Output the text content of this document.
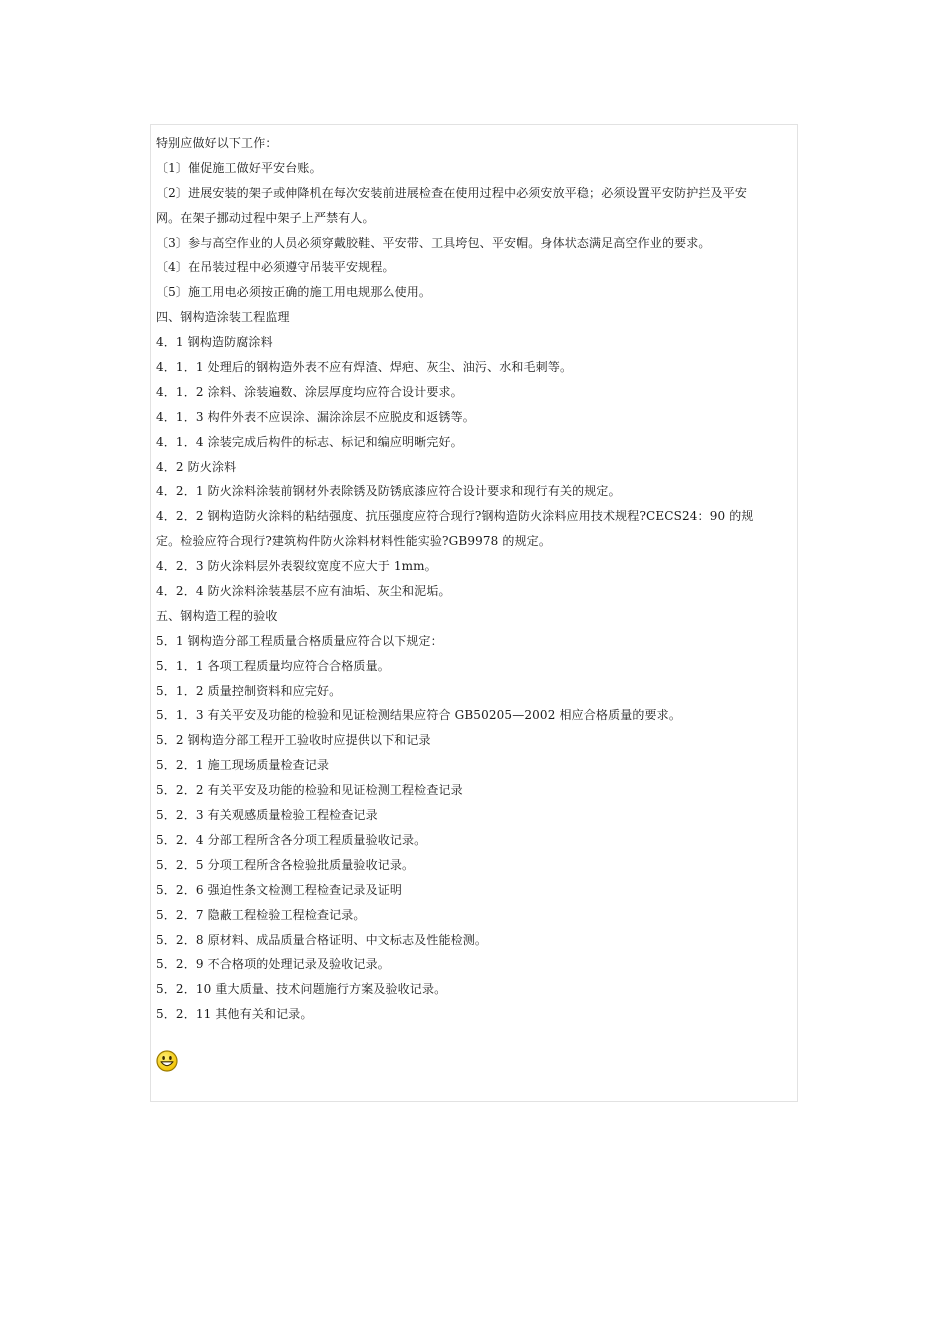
特别应做好以下工作：
〔1〕催促施工做好平安台账。
〔2〕进展安装的架子或伸降机在每次安装前进展检查在使用过程中必须安放平稳；必须设置平安防护拦及平安
网。在架子挪动过程中架子上严禁有人。
〔3〕参与高空作业的人员必须穿戴胶鞋、平安带、工具垮包、平安帽。身体状态满足高空作业的要求。
〔4〕在吊装过程中必须遵守吊装平安规程。
〔5〕施工用电必须按正确的施工用电规那么使用。
四、钢构造涂装工程监理
4．1 钢构造防腐涂料
4．1．1 处理后的钢构造外表不应有焊渣、焊疤、灰尘、油污、水和毛刺等。
4．1．2 涂料、涂装遍数、涂层厚度均应符合设计要求。
4．1．3 构件外表不应误涂、漏涂涂层不应脱皮和返锈等。
4．1．4 涂装完成后构件的标志、标记和编应明晰完好。
4．2 防火涂料
4．2．1 防火涂料涂装前钢材外表除锈及防锈底漆应符合设计要求和现行有关的规定。
4．2．2 钢构造防火涂料的粘结强度、抗压强度应符合现行?钢构造防火涂料应用技术规程?CECS24：90 的规
定。检验应符合现行?建筑构件防火涂料材料性能实验?GB9978 的规定。
4．2．3 防火涂料层外表裂纹宽度不应大于 1mm。
4．2．4 防火涂料涂装基层不应有油垢、灰尘和泥垢。
五、钢构造工程的验收
5．1 钢构造分部工程质量合格质量应符合以下规定：
5．1．1 各项工程质量均应符合合格质量。
5．1．2 质量控制资料和应完好。
5．1．3 有关平安及功能的检验和见证检测结果应符合 GB50205—2002 相应合格质量的要求。
5．2 钢构造分部工程开工验收时应提供以下和记录
5．2．1 施工现场质量检查记录
5．2．2 有关平安及功能的检验和见证检测工程检查记录
5．2．3 有关观感质量检验工程检查记录
5．2．4 分部工程所含各分项工程质量验收记录。
5．2．5 分项工程所含各检验批质量验收记录。
5．2．6 强迫性条文检测工程检查记录及证明
5．2．7 隐蔽工程检验工程检查记录。
5．2．8 原材料、成品质量合格证明、中文标志及性能检测。
5．2．9 不合格项的处理记录及验收记录。
5．2．10 重大质量、技术问题施行方案及验收记录。
5．2．11 其他有关和记录。
